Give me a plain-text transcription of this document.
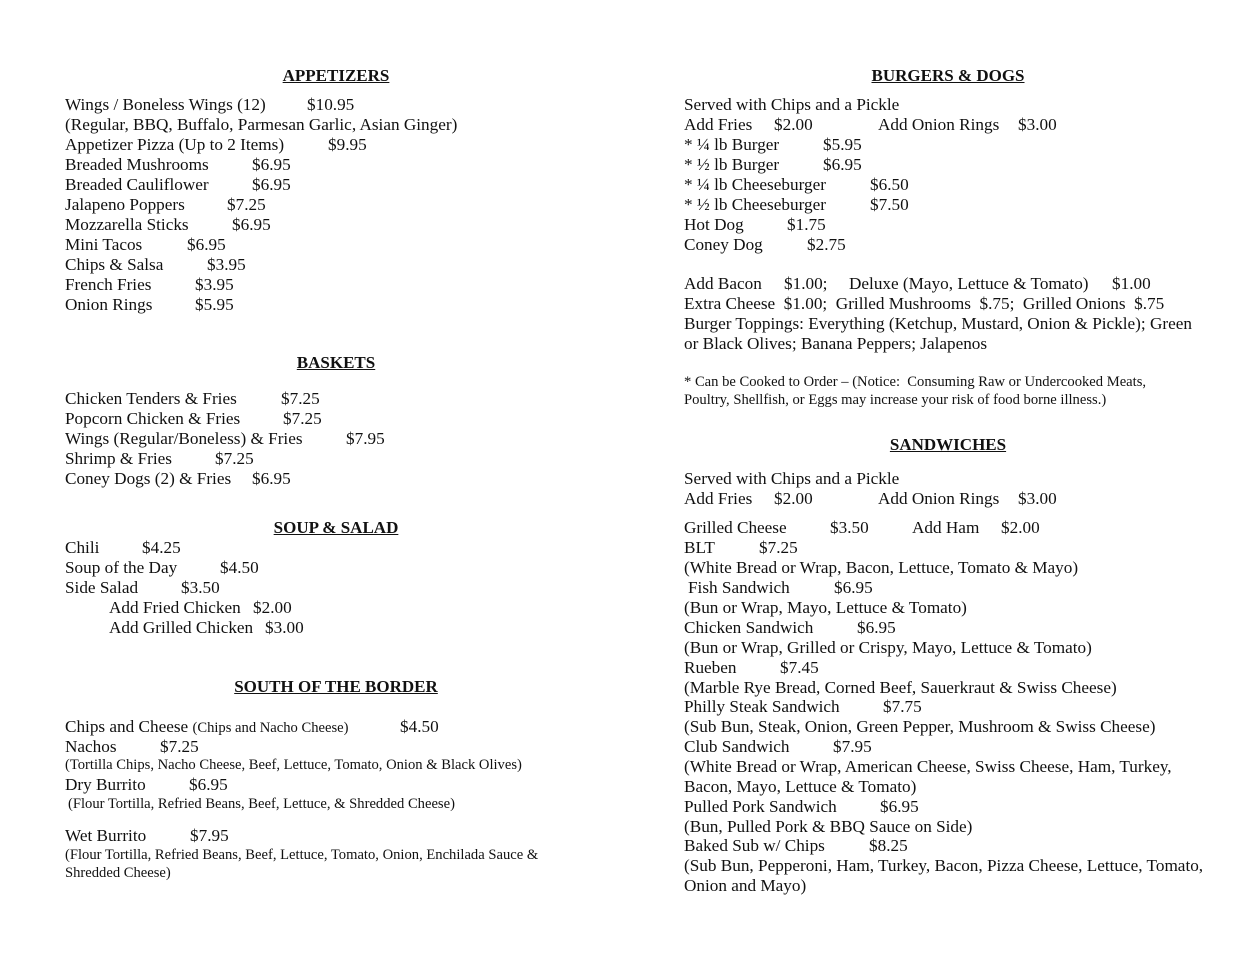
APPETIZERS
Wings / Boneless Wings (12) $10.95
(Regular, BBQ, Buffalo, Parmesan Garlic, Asian Ginger)
Appetizer Pizza (Up to 2 Items)	$9.95
Breaded Mushrooms	$6.95
Breaded Cauliflower	$6.95
Jalapeno Poppers $7.25
Mozzarella Sticks	$6.95
Mini Tacos	$6.95
Chips & Salsa	$3.95
French Fries	$3.95
Onion Rings $5.95
BASKETS
Chicken Tenders & Fries	$7.25
Popcorn Chicken & Fries $7.25
Wings (Regular/Boneless) & Fries	$7.95
Shrimp & Fries	$7.25
Coney Dogs (2) & Fries $6.95
SOUP & SALAD
Chili $4.25
Soup of the Day $4.50
Side Salad $3.50
Add Fried Chicken $2.00
Add Grilled Chicken $3.00
SOUTH OF THE BORDER
Chips and Cheese (Chips and Nacho Cheese)	$4.50
Nachos	$7.25
(Tortilla Chips, Nacho Cheese, Beef, Lettuce, Tomato, Onion & Black Olives)
Dry Burrito	$6.95
(Flour Tortilla, Refried Beans, Beef, Lettuce, & Shredded Cheese)
Wet Burrito	$7.95
(Flour Tortilla, Refried Beans, Beef, Lettuce, Tomato, Onion, Enchilada Sauce &
Shredded Cheese)
BURGERS & DOGS
Served with Chips and a Pickle
Add Fries $2.00	Add Onion Rings $3.00
* ¼ lb Burger	$5.95
* ½ lb Burger	$6.95
* ¼ lb Cheeseburger	$6.50
* ½ lb Cheeseburger	$7.50
Hot Dog	$1.75
Coney Dog	$2.75
Add Bacon $1.00; Deluxe (Mayo, Lettuce & Tomato) $1.00
Extra Cheese  $1.00;  Grilled Mushrooms  $.75;  Grilled Onions  $.75
Burger Toppings: Everything (Ketchup, Mustard, Onion & Pickle); Green
or Black Olives; Banana Peppers; Jalapenos
* Can be Cooked to Order – (Notice:  Consuming Raw or Undercooked Meats,
Poultry, Shellfish, or Eggs may increase your risk of food borne illness.)
SANDWICHES
Served with Chips and a Pickle
Add Fries $2.00	Add Onion Rings $3.00
Grilled Cheese	$3.50	Add Ham $2.00
BLT	$7.25
(White Bread or Wrap, Bacon, Lettuce, Tomato & Mayo)
Fish Sandwich	$6.95
(Bun or Wrap, Mayo, Lettuce & Tomato)
Chicken Sandwich	$6.95
(Bun or Wrap, Grilled or Crispy, Mayo, Lettuce & Tomato)
Rueben	$7.45
(Marble Rye Bread, Corned Beef, Sauerkraut & Swiss Cheese)
Philly Steak Sandwich	$7.75
(Sub Bun, Steak, Onion, Green Pepper, Mushroom & Swiss Cheese)
Club Sandwich	$7.95
(White Bread or Wrap, American Cheese, Swiss Cheese, Ham, Turkey,
Bacon, Mayo, Lettuce & Tomato)
Pulled Pork Sandwich	$6.95
(Bun, Pulled Pork & BBQ Sauce on Side)
Baked Sub w/ Chips	$8.25
(Sub Bun, Pepperoni, Ham, Turkey, Bacon, Pizza Cheese, Lettuce, Tomato,
Onion and Mayo)
